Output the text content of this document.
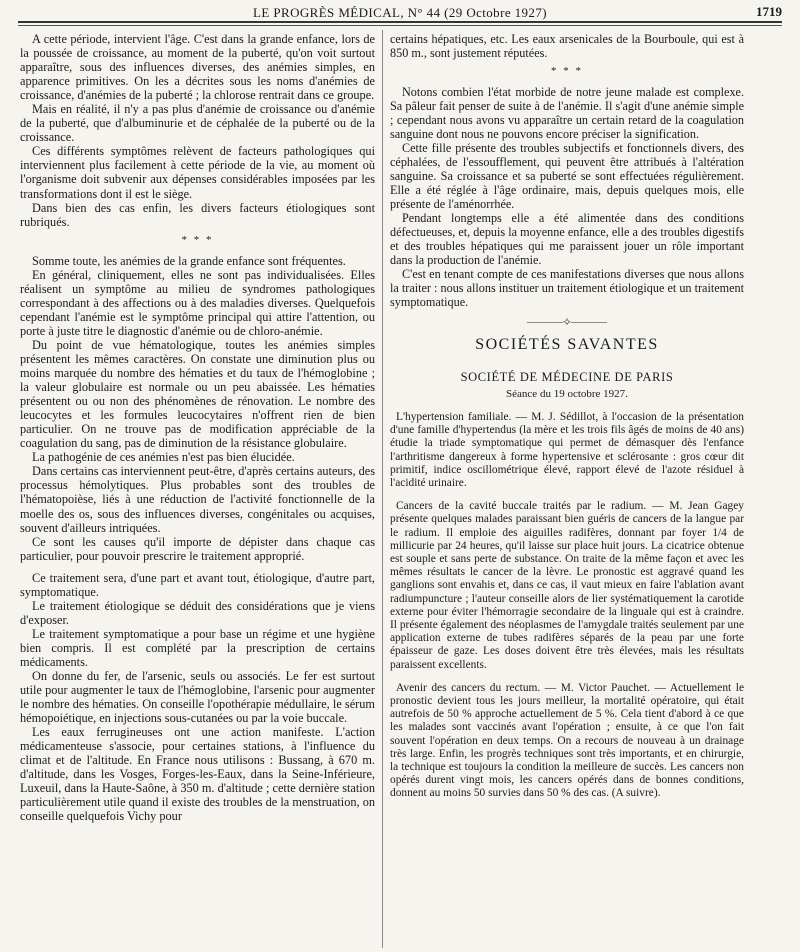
LE PROGRÈS MÉDICAL, N° 44 (29 Octobre 1927)	1719

A cette période, intervient l'âge. C'est dans la grande enfance, lors de la poussée de croissance, au moment de la puberté, qu'on voit surtout apparaître, sous des influences diverses, des anémies simples, en apparence primitives. On les a décrites sous les noms d'anémies de croissance, d'anémies de la puberté ; la chlorose rentrait dans ce groupe.

Mais en réalité, il n'y a pas plus d'anémie de croissance ou d'anémie de la puberté, que d'albuminurie et de céphalée de la puberté ou de la croissance.

Ces différents symptômes relèvent de facteurs pathologiques qui interviennent plus facilement à cette période de la vie, au moment où l'organisme doit subvenir aux dépenses considérables imposées par les transformations dont il est le siège.

Dans bien des cas enfin, les divers facteurs étiologiques sont rubriqués.

* * *

Somme toute, les anémies de la grande enfance sont fréquentes.

En général, cliniquement, elles ne sont pas individualisées. Elles réalisent un symptôme au milieu de syndromes pathologiques correspondant à des affections ou à des maladies diverses. Quelquefois cependant l'anémie est le symptôme principal qui attire l'attention, ou porte à juste titre le diagnostic d'anémie ou de chloro-anémie.

Du point de vue hématologique, toutes les anémies simples présentent les mêmes caractères. On constate une diminution plus ou moins marquée du nombre des hématies et du taux de l'hémoglobine ; la valeur globulaire est normale ou un peu abaissée. Les hématies présentent ou ou non des phénomènes de rénovation. Le nombre des leucocytes et les formules leucocytaires n'offrent rien de bien particulier. On ne trouve pas de modification appréciable de la coagulation du sang, pas de diminution de la résistance globulaire.

La pathogénie de ces anémies n'est pas bien élucidée.

Dans certains cas interviennent peut-être, d'après certains auteurs, des processus hémolytiques. Plus probables sont des troubles de l'hématopoièse, liés à une réduction de l'activité fonctionnelle de la moelle des os, sous des influences diverses, congénitales ou acquises, souvent d'ailleurs intriquées.

Ce sont les causes qu'il importe de dépister dans chaque cas particulier, pour pouvoir prescrire le traitement approprié.

Ce traitement sera, d'une part et avant tout, étiologique, d'autre part, symptomatique.

Le traitement étiologique se déduit des considérations que je viens d'exposer.

Le traitement symptomatique a pour base un régime et une hygiène bien compris. Il est complété par la prescription de certains médicaments.

On donne du fer, de l'arsenic, seuls ou associés. Le fer est surtout utile pour augmenter le taux de l'hémoglobine, l'arsenic pour augmenter le nombre des hématies. On conseille l'opothérapie médullaire, le sérum hémopoiétique, en injections sous-cutanées ou par la voie buccale.

Les eaux ferrugineuses ont une action manifeste. L'action médicamenteuse s'associe, pour certaines stations, à l'influence du climat et de l'altitude. En France nous utilisons : Bussang, à 670 m. d'altitude, dans les Vosges, Forges-les-Eaux, dans la Seine-Inférieure, Luxeuil, dans la Haute-Saône, à 350 m. d'altitude ; cette dernière station particulièrement utile quand il existe des troubles de la menstruation, on conseille quelquefois Vichy pour

certains hépatiques, etc. Les eaux arsenicales de la Bourboule, qui est à 850 m., sont justement réputées.

* * *

Notons combien l'état morbide de notre jeune malade est complexe. Sa pâleur fait penser de suite à de l'anémie. Il s'agit d'une anémie simple ; cependant nous avons vu apparaître un certain retard de la coagulation sanguine dont nous ne pouvons encore préciser la signification.

Cette fille présente des troubles subjectifs et fonctionnels divers, des céphalées, de l'essoufflement, qui peuvent être attribués à l'altération sanguine. Sa croissance et sa puberté se sont effectuées régulièrement. Elle a été réglée à l'âge ordinaire, mais, depuis quelques mois, elle présente de l'aménorrhée.

Pendant longtemps elle a été alimentée dans des conditions défectueuses, et, depuis la moyenne enfance, elle a des troubles digestifs et des troubles hépatiques qui me paraissent jouer un rôle important dans la production de l'anémie.

C'est en tenant compte de ces manifestations diverses que nous allons la traiter : nous allons instituer un traitement étiologique et un traitement symptomatique.

———⟡———
SOCIÉTÉS SAVANTES
SOCIÉTÉ DE MÉDECINE DE PARIS
Séance du 19 octobre 1927.

L'hypertension familiale. — M. J. Sédillot, à l'occasion de la présentation d'une famille d'hypertendus (la mère et les trois fils âgés de moins de 40 ans) étudie la triade symptomatique qui permet de démasquer dès l'enfance l'arthritisme dangereux à forme hypertensive et sclérosante : gros cœur dit primitif, indice oscillométrique élevé, rapport élevé de l'azote résiduel à l'acidité urinaire.

Cancers de la cavité buccale traités par le radium. — M. Jean Gagey présente quelques malades paraissant bien guéris de cancers de la langue par le radium. Il emploie des aiguilles radifères, donnant par foyer 1/4 de millicurie par 24 heures, qu'il laisse sur place huit jours. La cicatrice obtenue est souple et sans perte de substance. On traite de la même façon et avec les mêmes résultats le cancer de la lèvre. Le pronostic est aggravé quand les ganglions sont envahis et, dans ce cas, il vaut mieux en faire l'ablation avant radiumpuncture ; l'auteur conseille alors de lier systématiquement la carotide externe pour éviter l'hémorragie secondaire de la linguale qui est à craindre. Il présente également des néoplasmes de l'amygdale traités seulement par une application externe de tubes radifères séparés de la peau par une forte épaisseur de gaze. Les doses doivent être très élevées, mais les résultats paraissent excellents.

Avenir des cancers du rectum. — M. Victor Pauchet. — Actuellement le pronostic devient tous les jours meilleur, la mortalité opératoire, qui était autrefois de 50 % approche actuellement de 5 %. Cela tient d'abord à ce que les malades sont vaccinés avant l'opération ; ensuite, à ce que l'on fait souvent l'opération en deux temps. On a recours de nouveau à un drainage très large. Enfin, les progrès techniques sont très importants, et en chirurgie, la technique est toujours la condition la meilleure de succès. Les cancers non opérés durent vingt mois, les cancers opérés dans de bonnes conditions, donnent au moins 50 survies dans 50 % des cas. (A suivre).
